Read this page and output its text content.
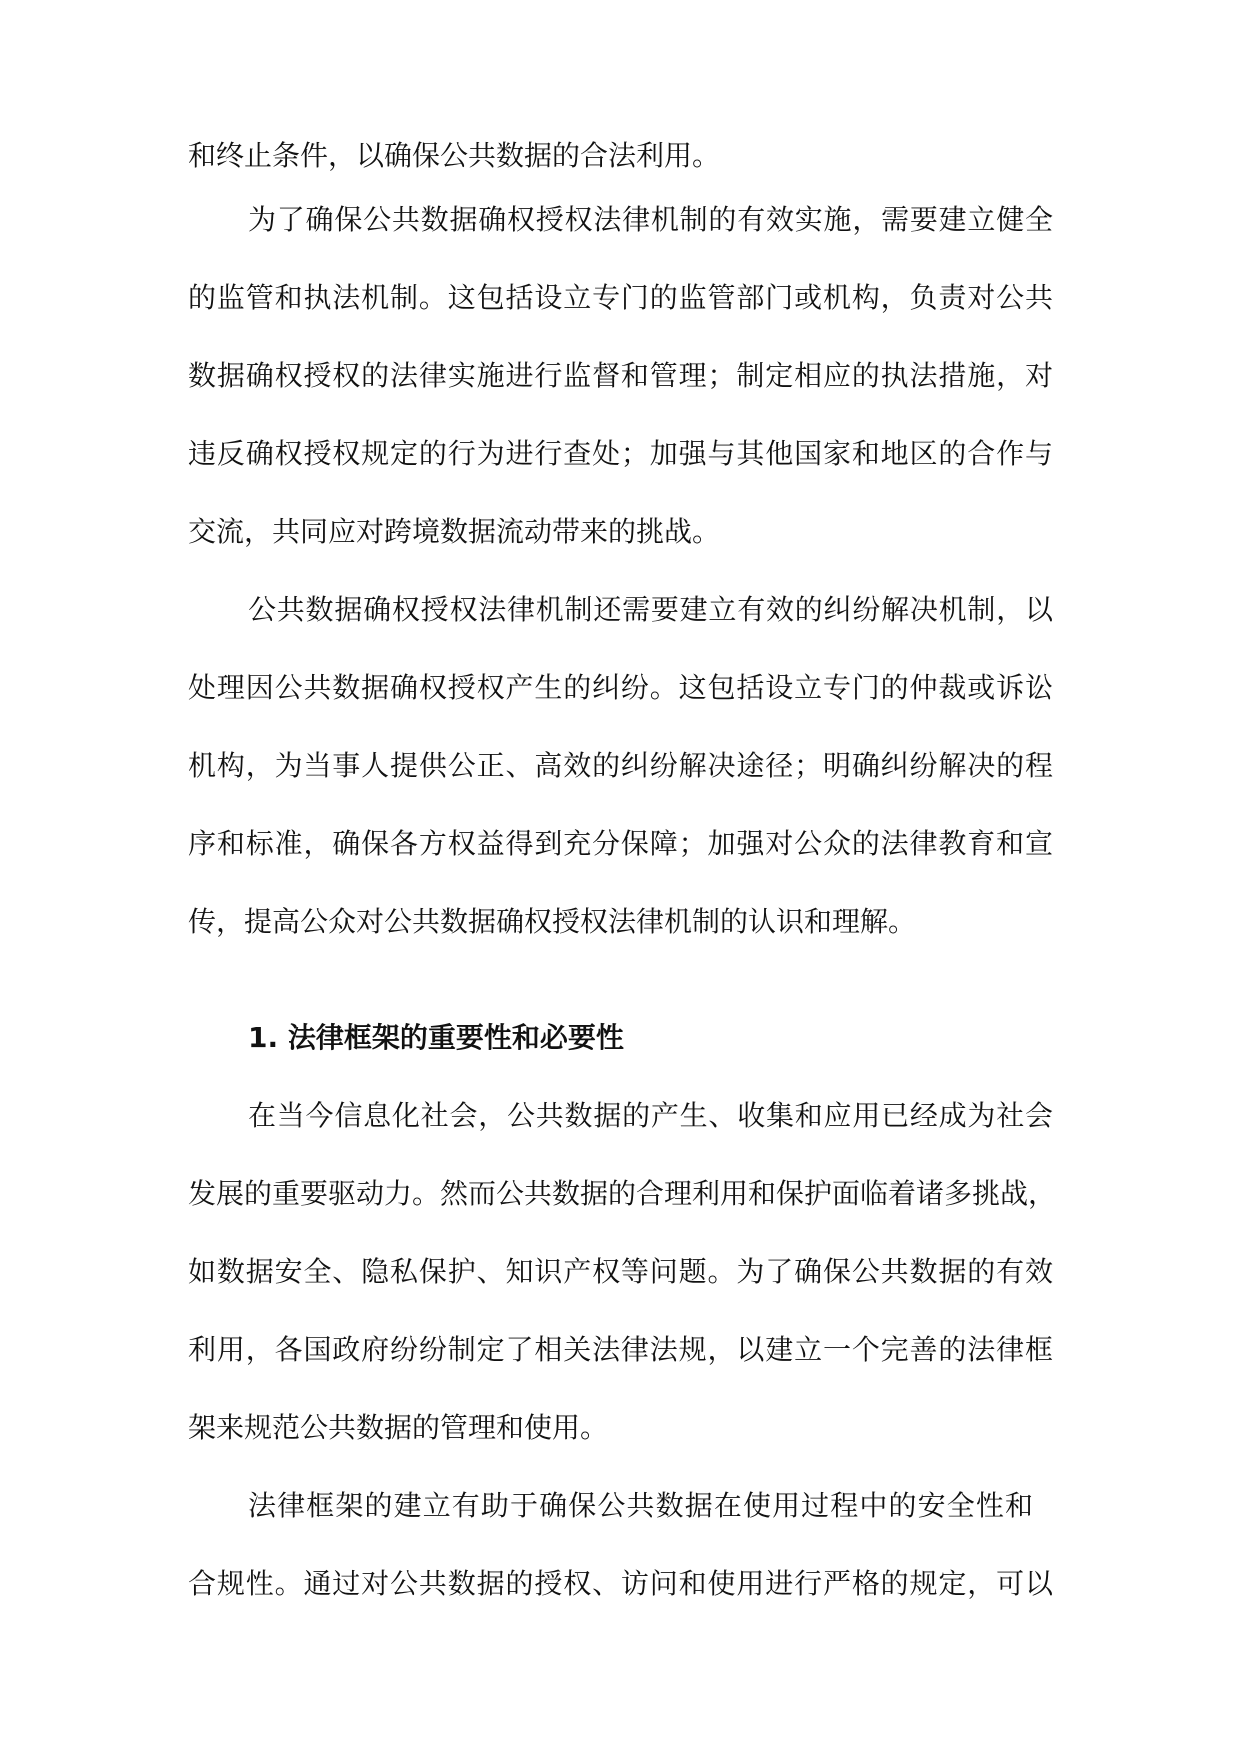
和终止条件，以确保公共数据的合法利用。

为了确保公共数据确权授权法律机制的有效实施，需要建立健全

的监管和执法机制。这包括设立专门的监管部门或机构，负责对公共

数据确权授权的法律实施进行监督和管理；制定相应的执法措施，对

违反确权授权规定的行为进行查处；加强与其他国家和地区的合作与

交流，共同应对跨境数据流动带来的挑战。

公共数据确权授权法律机制还需要建立有效的纠纷解决机制，以

处理因公共数据确权授权产生的纠纷。这包括设立专门的仲裁或诉讼

机构，为当事人提供公正、高效的纠纷解决途径；明确纠纷解决的程

序和标准，确保各方权益得到充分保障；加强对公众的法律教育和宣

传，提高公众对公共数据确权授权法律机制的认识和理解。

1. 法律框架的重要性和必要性

在当今信息化社会，公共数据的产生、收集和应用已经成为社会

发展的重要驱动力。然而公共数据的合理利用和保护面临着诸多挑战，

如数据安全、隐私保护、知识产权等问题。为了确保公共数据的有效

利用，各国政府纷纷制定了相关法律法规，以建立一个完善的法律框

架来规范公共数据的管理和使用。

法律框架的建立有助于确保公共数据在使用过程中的安全性和

合规性。通过对公共数据的授权、访问和使用进行严格的规定，可以
